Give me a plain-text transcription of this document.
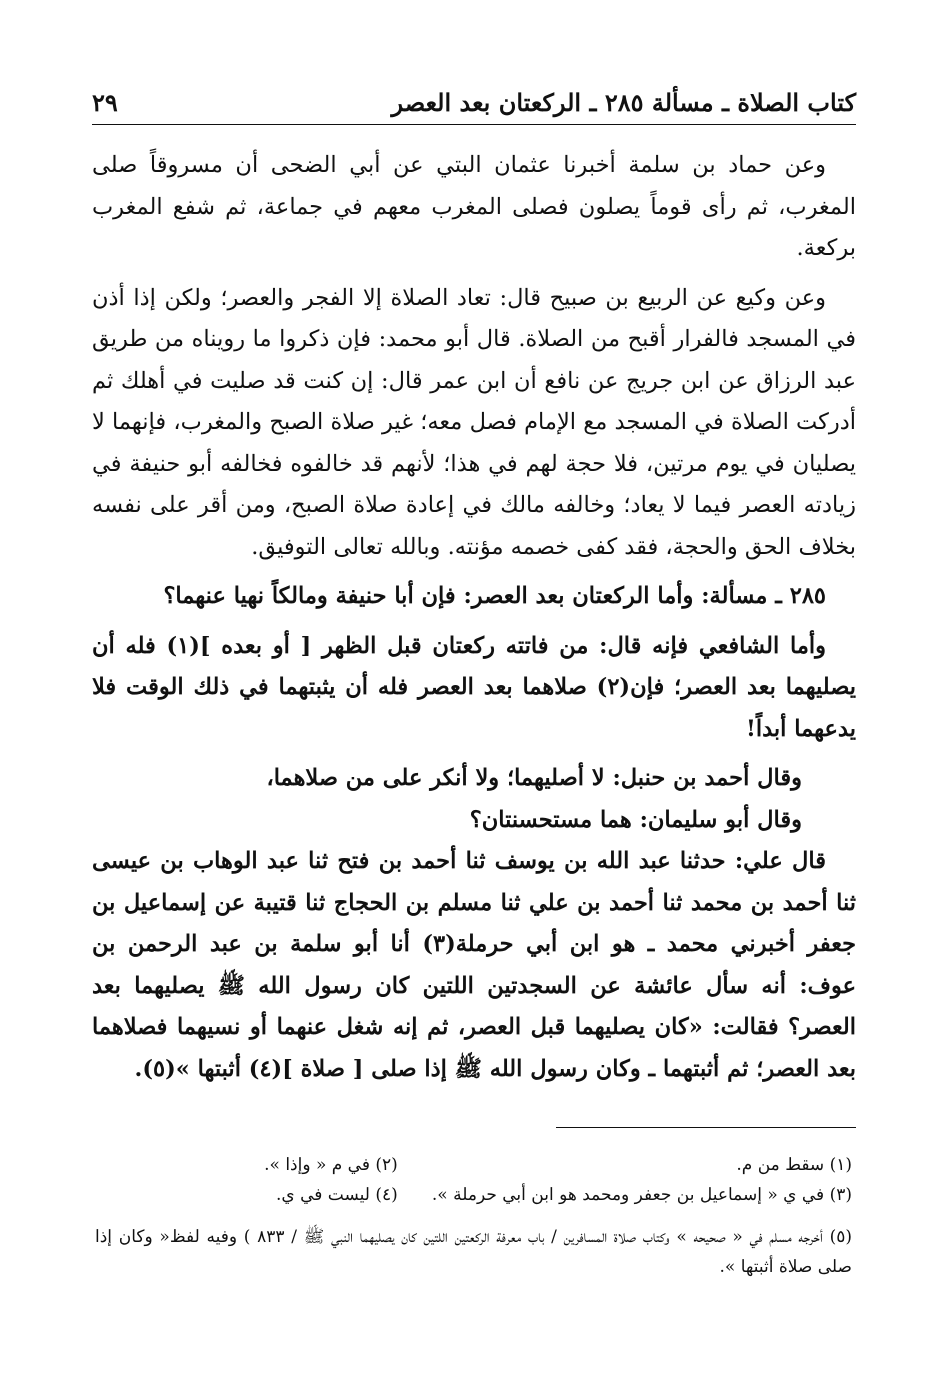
كتاب الصلاة ـ مسألة ٢٨٥ ـ الركعتان بعد العصر
٢٩

وعن حماد بن سلمة أخبرنا عثمان البتي عن أبي الضحى أن مسروقاً صلى المغرب، ثم رأى قوماً يصلون فصلى المغرب معهم في جماعة، ثم شفع المغرب بركعة.

وعن وكيع عن الربيع بن صبيح قال: تعاد الصلاة إلا الفجر والعصر؛ ولكن إذا أذن في المسجد فالفرار أقبح من الصلاة. قال أبو محمد: فإن ذكروا ما رويناه من طريق عبد الرزاق عن ابن جريج عن نافع أن ابن عمر قال: إن كنت قد صليت في أهلك ثم أدركت الصلاة في المسجد مع الإمام فصل معه؛ غير صلاة الصبح والمغرب، فإنهما لا يصليان في يوم مرتين، فلا حجة لهم في هذا؛ لأنهم قد خالفوه فخالفه أبو حنيفة في زيادته العصر فيما لا يعاد؛ وخالفه مالك في إعادة صلاة الصبح، ومن أقر على نفسه بخلاف الحق والحجة، فقد كفى خصمه مؤنته. وبالله تعالى التوفيق.

٢٨٥ ـ مسألة: وأما الركعتان بعد العصر: فإن أبا حنيفة ومالكاً نهيا عنهما؟

وأما الشافعي فإنه قال: من فاتته ركعتان قبل الظهر [ أو بعده ](١) فله أن يصليهما بعد العصر؛ فإن(٢) صلاهما بعد العصر فله أن يثبتهما في ذلك الوقت فلا يدعهما أبداً!

وقال أحمد بن حنبل: لا أصليهما؛ ولا أنكر على من صلاهما،

وقال أبو سليمان: هما مستحسنتان؟

قال علي: حدثنا عبد الله بن يوسف ثنا أحمد بن فتح ثنا عبد الوهاب بن عيسى ثنا أحمد بن محمد ثنا أحمد بن علي ثنا مسلم بن الحجاج ثنا قتيبة عن إسماعيل بن جعفر أخبرني محمد ـ هو ابن أبي حرملة(٣) أنا أبو سلمة بن عبد الرحمن بن عوف: أنه سأل عائشة عن السجدتين اللتين كان رسول الله ﷺ يصليهما بعد العصر؟ فقالت: «كان يصليهما قبل العصر، ثم إنه شغل عنهما أو نسيهما فصلاهما بعد العصر؛ ثم أثبتهما ـ وكان رسول الله ﷺ إذا صلى [ صلاة ](٤) أثبتها »(٥).

(١) سقط من م.
(٢) في م « وإذا ».
(٣) في ي « إسماعيل بن جعفر ومحمد هو ابن أبي حرملة ».
(٤) ليست في ي.
(٥) أخرجه مسلم في « صحيحه » وكتاب صلاة المسافرين / باب معرفة الركعتين اللتين كان يصليهما النبي ﷺ / ٨٣٣ ) وفيه لفظ« وكان إذا صلى صلاة أثبتها ».
